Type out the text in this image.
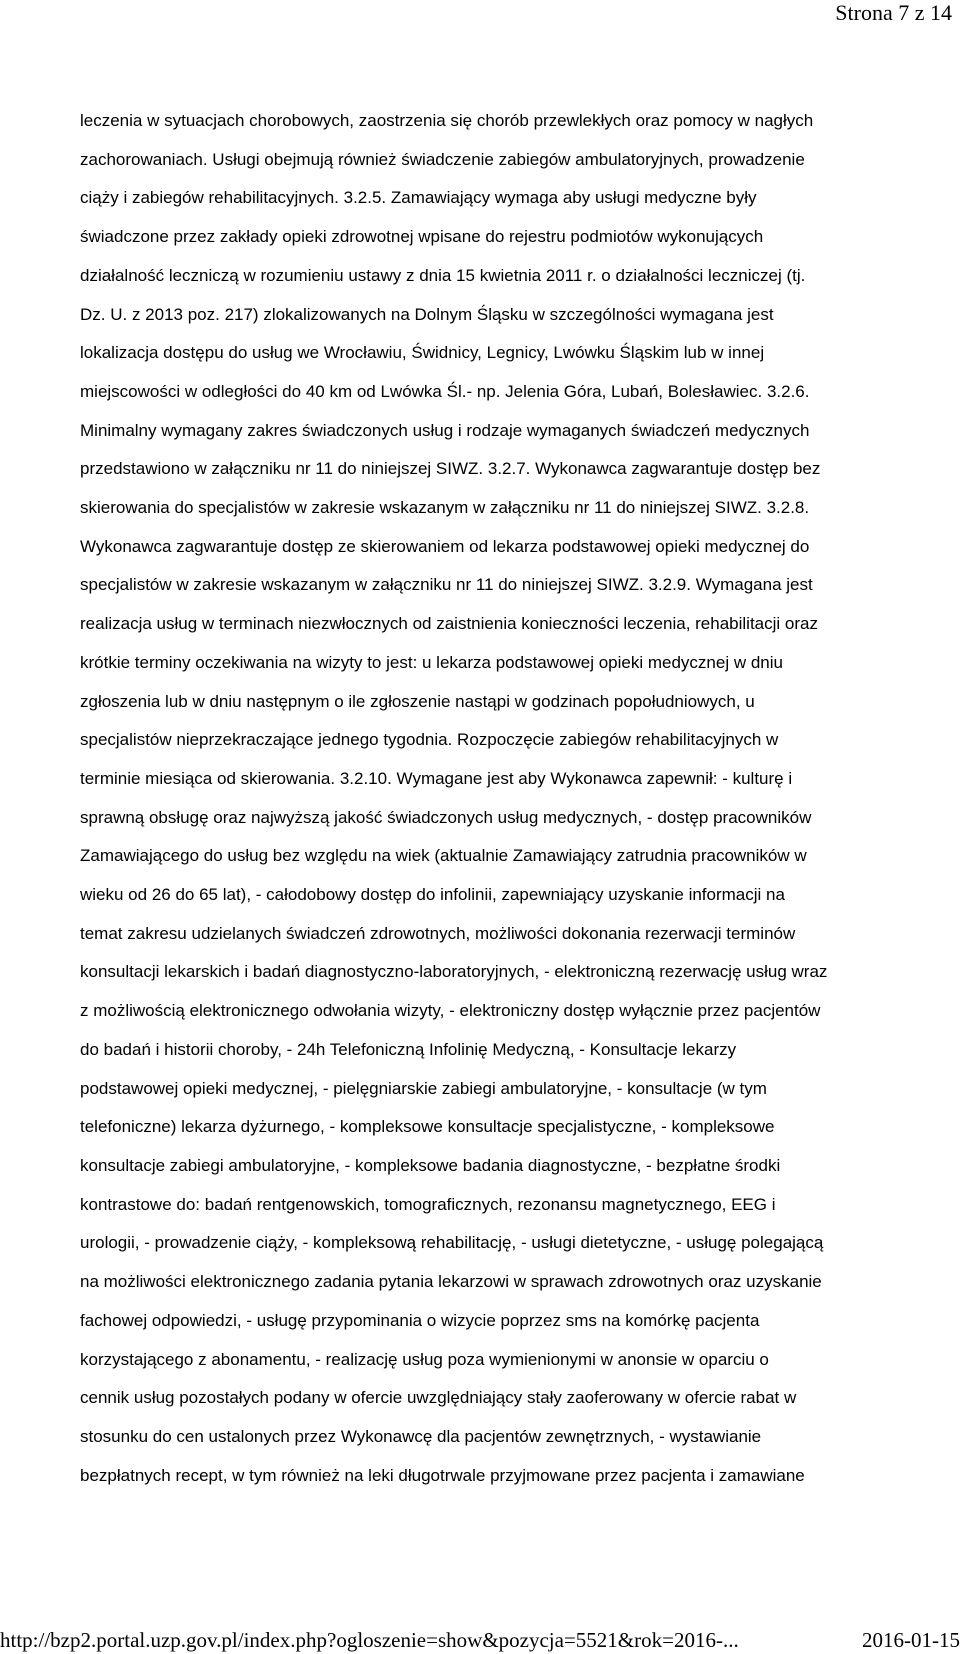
Strona 7 z 14
leczenia w sytuacjach chorobowych, zaostrzenia się chorób przewlekłych oraz pomocy w nagłych
zachorowaniach. Usługi obejmują również świadczenie zabiegów ambulatoryjnych, prowadzenie
ciąży i zabiegów rehabilitacyjnych. 3.2.5. Zamawiający wymaga aby usługi medyczne były
świadczone przez zakłady opieki zdrowotnej wpisane do rejestru podmiotów wykonujących
działalność leczniczą w rozumieniu ustawy z dnia 15 kwietnia 2011 r. o działalności leczniczej (tj.
Dz. U. z 2013 poz. 217) zlokalizowanych na Dolnym Śląsku w szczególności wymagana jest
lokalizacja dostępu do usług we Wrocławiu, Świdnicy, Legnicy, Lwówku Śląskim lub w innej
miejscowości w odległości do 40 km od Lwówka Śl.- np. Jelenia Góra, Lubań, Bolesławiec. 3.2.6.
Minimalny wymagany zakres świadczonych usług i rodzaje wymaganych świadczeń medycznych
przedstawiono w załączniku nr 11 do niniejszej SIWZ. 3.2.7. Wykonawca zagwarantuje dostęp bez
skierowania do specjalistów w zakresie wskazanym w załączniku nr 11 do niniejszej SIWZ. 3.2.8.
Wykonawca zagwarantuje dostęp ze skierowaniem od lekarza podstawowej opieki medycznej do
specjalistów w zakresie wskazanym w załączniku nr 11 do niniejszej SIWZ. 3.2.9. Wymagana jest
realizacja usług w terminach niezwłocznych od zaistnienia konieczności leczenia, rehabilitacji oraz
krótkie terminy oczekiwania na wizyty to jest: u lekarza podstawowej opieki medycznej w dniu
zgłoszenia lub w dniu następnym o ile zgłoszenie nastąpi w godzinach popołudniowych, u
specjalistów nieprzekraczające jednego tygodnia. Rozpoczęcie zabiegów rehabilitacyjnych w
terminie miesiąca od skierowania. 3.2.10. Wymagane jest aby Wykonawca zapewnił: - kulturę i
sprawną obsługę oraz najwyższą jakość świadczonych usług medycznych, - dostęp pracowników
Zamawiającego do usług bez względu na wiek (aktualnie Zamawiający zatrudnia pracowników w
wieku od 26 do 65 lat), - całodobowy dostęp do infolinii, zapewniający uzyskanie informacji na
temat zakresu udzielanych świadczeń zdrowotnych, możliwości dokonania rezerwacji terminów
konsultacji lekarskich i badań diagnostyczno-laboratoryjnych, - elektroniczną rezerwację usług wraz
z możliwością elektronicznego odwołania wizyty, - elektroniczny dostęp wyłącznie przez pacjentów
do badań i historii choroby, - 24h Telefoniczną Infolinię Medyczną, - Konsultacje lekarzy
podstawowej opieki medycznej, - pielęgniarskie zabiegi ambulatoryjne, - konsultacje (w tym
telefoniczne) lekarza dyżurnego, - kompleksowe konsultacje specjalistyczne, - kompleksowe
konsultacje zabiegi ambulatoryjne, - kompleksowe badania diagnostyczne, - bezpłatne środki
kontrastowe do: badań rentgenowskich, tomograficznych, rezonansu magnetycznego, EEG i
urologii, - prowadzenie ciąży, - kompleksową rehabilitację, - usługi dietetyczne, - usługę polegającą
na możliwości elektronicznego zadania pytania lekarzowi w sprawach zdrowotnych oraz uzyskanie
fachowej odpowiedzi, - usługę przypominania o wizycie poprzez sms na komórkę pacjenta
korzystającego z abonamentu, - realizację usług poza wymienionymi w anonsie w oparciu o
cennik usług pozostałych podany w ofercie uwzględniający stały zaoferowany w ofercie rabat w
stosunku do cen ustalonych przez Wykonawcę dla pacjentów zewnętrznych, - wystawianie
bezpłatnych recept, w tym również na leki długotrwale przyjmowane przez pacjenta i zamawiane
http://bzp2.portal.uzp.gov.pl/index.php?ogloszenie=show&pozycja=5521&rok=2016-...	2016-01-15
